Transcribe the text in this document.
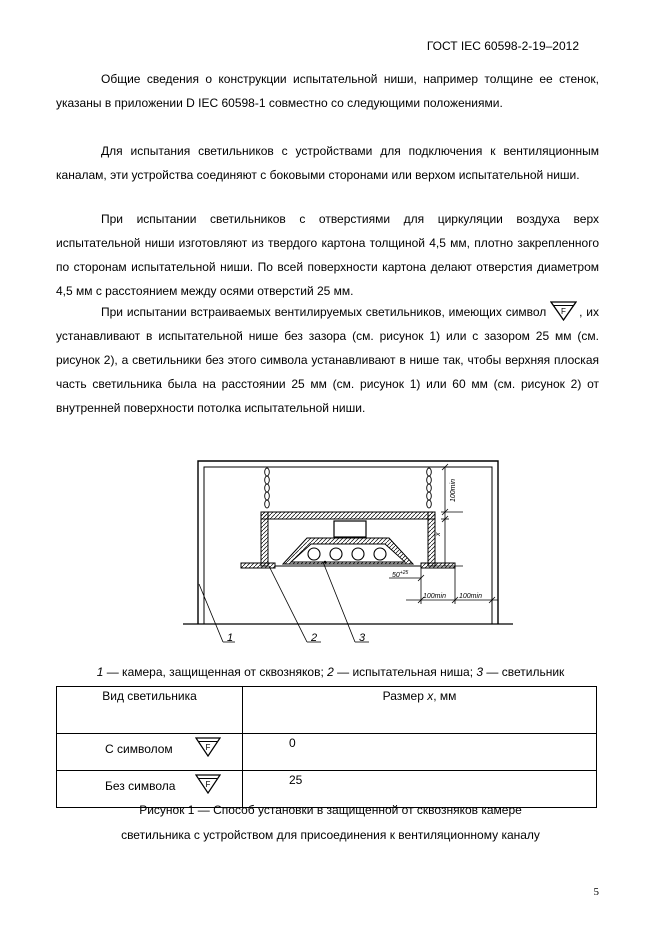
ГОСТ IEC 60598-2-19–2012

Общие сведения о конструкции испытательной ниши, например толщине ее стенок, указаны в приложении D IEC 60598-1 совместно со следующими положениями.

Для испытания светильников с устройствами для подключения к вентиляционным каналам, эти устройства соединяют с боковыми сторонами или верхом испытательной ниши.

При испытании светильников с отверстиями для циркуляции воздуха верх испытательной ниши изготовляют из твердого картона толщиной 4,5 мм, плотно закрепленного по сторонам испытательной ниши. По всей поверхности картона делают отверстия диаметром 4,5 мм с расстоянием между осями отверстий 25 мм.

При испытании встраиваемых вентилируемых светильников, имеющих символ F , их устанавливают в испытательной нише без зазора (см. рисунок 1) или с зазором 25 мм (см. рисунок 2), а светильники без этого символа устанавливают в нише так, чтобы верхняя плоская часть светильника была на расстоянии 25 мм (см. рисунок 1) или 60 мм (см. рисунок 2) от внутренней поверхности потолка испытательной ниши.

100min
x
$50^{+25}$
100min 100min
1	2	3
1 — камера, защищенная от сквозняков; 2 — испытательная ниша; 3 — светильник
Вид светильника	Размер x, мм

С символом F	0

Без символа F	25
Рисунок 1 — Способ установки в защищенной от сквозняков камере
светильника с устройством для присоединения к вентиляционному каналу
5
